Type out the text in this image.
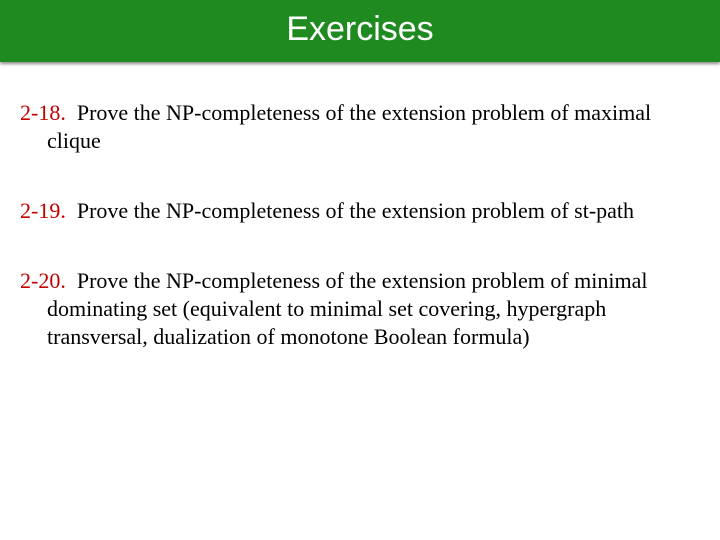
Exercises

2-18. Prove the NP-completeness of the extension problem of maximal clique

2-19. Prove the NP-completeness of the extension problem of st-path

2-20. Prove the NP-completeness of the extension problem of minimal dominating set (equivalent to minimal set covering, hypergraph transversal, dualization of monotone Boolean formula)
